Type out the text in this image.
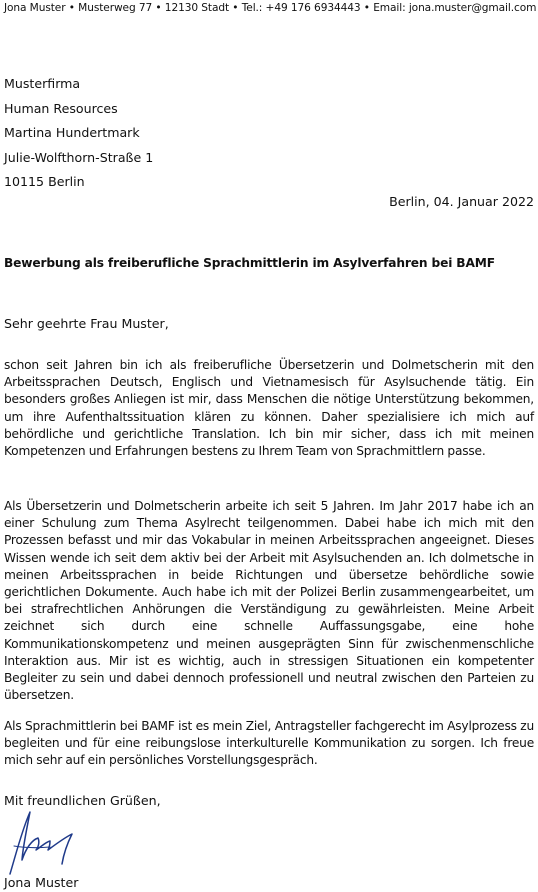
Jona Muster • Musterweg 77 • 12130 Stadt • Tel.: +49 176 6934443 • Email: jona.muster@gmail.com
Musterfirma
Human Resources
Martina Hundertmark
Julie-Wolfthorn-Straße 1
10115 Berlin
Berlin, 04. Januar 2022
Bewerbung als freiberufliche Sprachmittlerin im Asylverfahren bei BAMF
Sehr geehrte Frau Muster,
schon seit Jahren bin ich als freiberufliche Übersetzerin und Dolmetscherin mit den Arbeitssprachen Deutsch, Englisch und Vietnamesisch für Asylsuchende tätig. Ein besonders großes Anliegen ist mir, dass Menschen die nötige Unterstützung bekommen, um ihre Aufenthaltssituation klären zu können. Daher spezialisiere ich mich auf behördliche und gerichtliche Translation. Ich bin mir sicher, dass ich mit meinen Kompetenzen und Erfahrungen bestens zu Ihrem Team von Sprachmittlern passe.
Als Übersetzerin und Dolmetscherin arbeite ich seit 5 Jahren. Im Jahr 2017 habe ich an einer Schulung zum Thema Asylrecht teilgenommen. Dabei habe ich mich mit den Prozessen befasst und mir das Vokabular in meinen Arbeitssprachen angeeignet. Dieses Wissen wende ich seit dem aktiv bei der Arbeit mit Asylsuchenden an. Ich dolmetsche in meinen Arbeitssprachen in beide Richtungen und übersetze behördliche sowie gerichtlichen Dokumente. Auch habe ich mit der Polizei Berlin zusammengearbeitet, um bei strafrechtlichen Anhörungen die Verständigung zu gewährleisten. Meine Arbeit zeichnet sich durch eine schnelle Auffassungsgabe, eine hohe Kommunikationskompetenz und meinen ausgeprägten Sinn für zwischenmenschliche Interaktion aus. Mir ist es wichtig, auch in stressigen Situationen ein kompetenter Begleiter zu sein und dabei dennoch professionell und neutral zwischen den Parteien zu übersetzen.
Als Sprachmittlerin bei BAMF ist es mein Ziel, Antragsteller fachgerecht im Asylprozess zu begleiten und für eine reibungslose interkulturelle Kommunikation zu sorgen. Ich freue mich sehr auf ein persönliches Vorstellungsgespräch.
Mit freundlichen Grüßen,
Jona Muster
